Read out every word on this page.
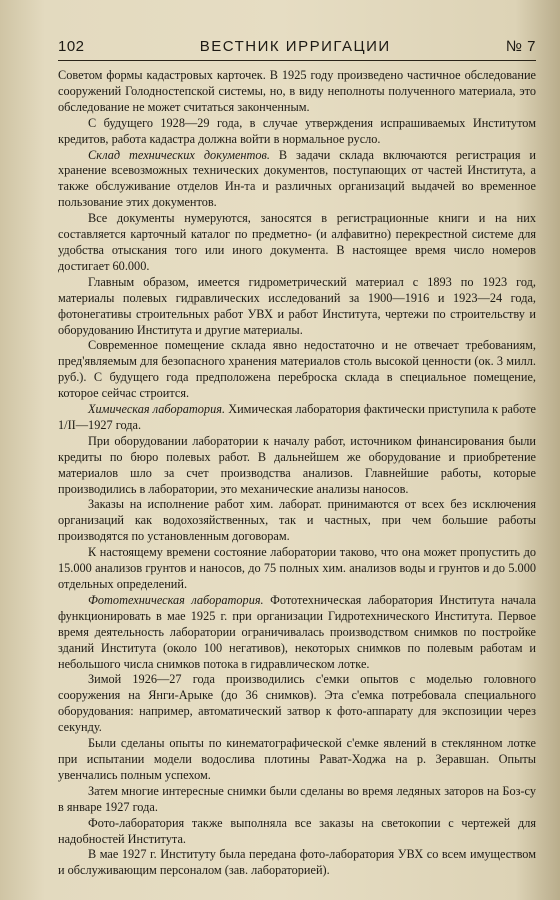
102	ВЕСТНИК ИРРИГАЦИИ	№ 7

Советом формы кадастровых карточек. В 1925 году произведено частичное обследование сооружений Голодностепской системы, но, в виду неполноты полученного материала, это обследование не может считаться законченным.

С будущего 1928—29 года, в случае утверждения испрашиваемых Институтом кредитов, работа кадастра должна войти в нормальное русло.

Склад технических документов. В задачи склада включаются регистрация и хранение всевозможных технических документов, поступающих от частей Института, а также обслуживание отделов Ин-та и различных организаций выдачей во временное пользование этих документов.

Все документы нумеруются, заносятся в регистрационные книги и на них составляется карточный каталог по предметно- (и алфавитно) перекрестной системе для удобства отыскания того или иного документа. В настоящее время число номеров достигает 60.000.

Главным образом, имеется гидрометрический материал с 1893 по 1923 год, материалы полевых гидравлических исследований за 1900—1916 и 1923—24 года, фотонегативы строительных работ УВХ и работ Института, чертежи по строительству и оборудованию Института и другие материалы.

Современное помещение склада явно недостаточно и не отвечает требованиям, пред'являемым для безопасного хранения материалов столь высокой ценности (ок. 3 милл. руб.). С будущего года предположена переброска склада в специальное помещение, которое сейчас строится.

Химическая лаборатория. Химическая лаборатория фактически приступила к работе 1/II—1927 года.

При оборудовании лаборатории к началу работ, источником финансирования были кредиты по бюро полевых работ. В дальнейшем же оборудование и приобретение материалов шло за счет производства анализов. Главнейшие работы, которые производились в лаборатории, это механические анализы наносов.

Заказы на исполнение работ хим. лаборат. принимаются от всех без исключения организаций как водохозяйственных, так и частных, при чем большие работы производятся по установленным договорам.

К настоящему времени состояние лаборатории таково, что она может пропустить до 15.000 анализов грунтов и наносов, до 75 полных хим. анализов воды и грунтов и до 5.000 отдельных определений.

Фототехническая лаборатория. Фототехническая лаборатория Института начала функционировать в мае 1925 г. при организации Гидротехнического Института. Первое время деятельность лаборатории ограничивалась производством снимков по постройке зданий Института (около 100 негативов), некоторых снимков по полевым работам и небольшого числа снимков потока в гидравлическом лотке.

Зимой 1926—27 года производились с'емки опытов с моделью головного сооружения на Янги-Арыке (до 36 снимков). Эта с'емка потребовала специального оборудования: например, автоматический затвор к фото-аппарату для экспозиции через секунду.

Были сделаны опыты по кинематографической с'емке явлений в стеклянном лотке при испытании модели водослива плотины Рават-Ходжа на р. Зеравшан. Опыты увенчались полным успехом.

Затем многие интересные снимки были сделаны во время ледяных заторов на Боз-су в январе 1927 года.

Фото-лаборатория также выполняла все заказы на светокопии с чертежей для надобностей Института.

В мае 1927 г. Институту была передана фото-лаборатория УВХ со всем имуществом и обслуживающим персоналом (зав. лабораторией).
